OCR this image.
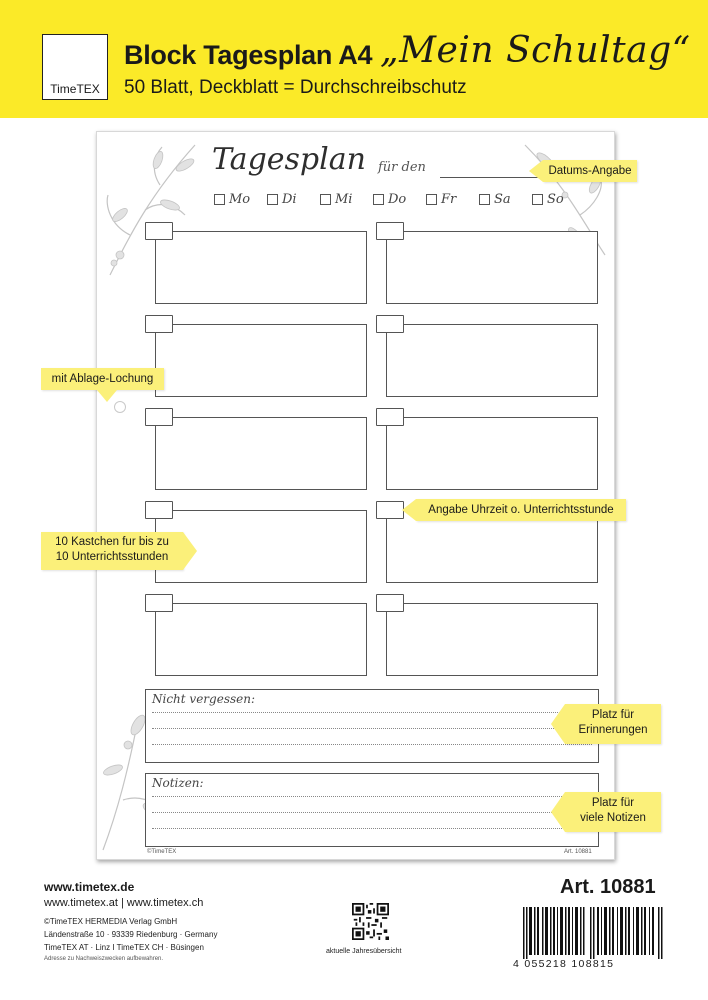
TimeTEX
Block Tagesplan A4 „Mein Schultag“
50 Blatt, Deckblatt = Durchschreibschutz
Tagesplan für den
Mo	Di	Mi	Do	Fr	Sa	So
Nicht vergessen:
Notizen:
©TimeTEX	Art. 10881
Datums-Angabe
mit Ablage-Lochung
Angabe Uhrzeit o. Unterrichtsstunde
10 Kastchen fur bis zu
10 Unterrichtsstunden
Platz für
Erinnerungen
Platz für
viele Notizen
www.timetex.de
www.timetex.at | www.timetex.ch
©TimeTEX HERMEDIA Verlag GmbH
Ländenstraße 10 · 93339 Riedenburg · Germany
TimeTEX AT · Linz I TimeTEX CH · Büsingen
Adresse zu Nachweiszwecken aufbewahren.
aktuelle Jahresübersicht
Art. 10881
4 055218 108815
